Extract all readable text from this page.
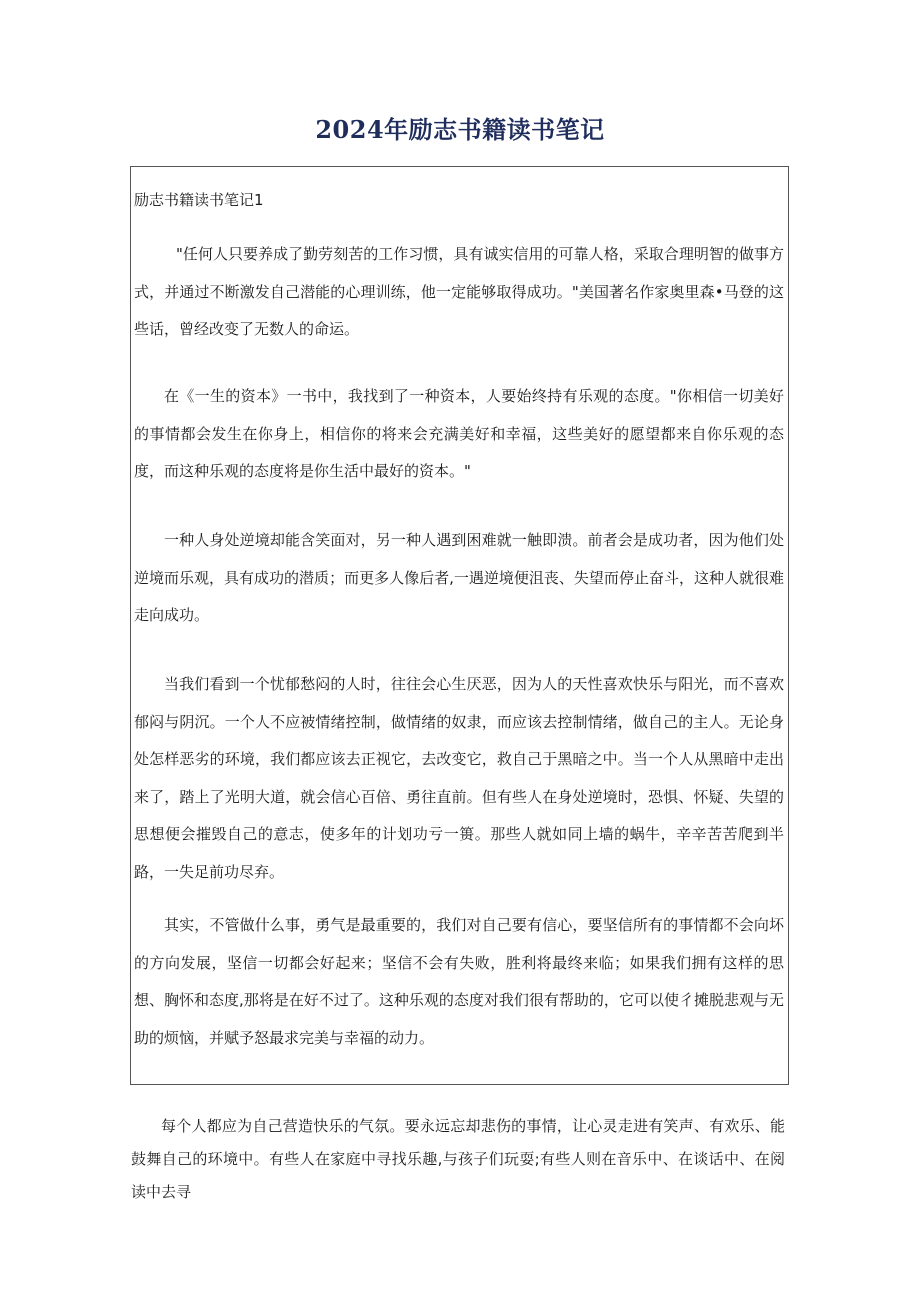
2024年励志书籍读书笔记
励志书籍读书笔记1

"任何人只要养成了勤劳刻苦的工作习惯，具有诚实信用的可靠人格，采取合理明智的做事方式，并通过不断激发自己潜能的心理训练，他一定能够取得成功。"美国著名作家奥里森•马登的这些话，曾经改变了无数人的命运。

在《一生的资本》一书中，我找到了一种资本，人要始终持有乐观的态度。"你相信一切美好的事情都会发生在你身上，相信你的将来会充满美好和幸福，这些美好的愿望都来自你乐观的态度，而这种乐观的态度将是你生活中最好的资本。"

一种人身处逆境却能含笑面对，另一种人遇到困难就一触即溃。前者会是成功者，因为他们处逆境而乐观，具有成功的潜质；而更多人像后者,一遇逆境便沮丧、失望而停止奋斗，这种人就很难走向成功。

当我们看到一个忧郁愁闷的人时，往往会心生厌恶，因为人的天性喜欢快乐与阳光，而不喜欢郁闷与阴沉。一个人不应被情绪控制，做情绪的奴隶，而应该去控制情绪，做自己的主人。无论身处怎样恶劣的环境，我们都应该去正视它，去改变它，救自己于黑暗之中。当一个人从黑暗中走出来了，踏上了光明大道，就会信心百倍、勇往直前。但有些人在身处逆境时，恐惧、怀疑、失望的思想便会摧毁自己的意志，使多年的计划功亏一篑。那些人就如同上墙的蜗牛，辛辛苦苦爬到半路，一失足前功尽弃。

其实，不管做什么事，勇气是最重要的，我们对自己要有信心，要坚信所有的事情都不会向坏的方向发展，坚信一切都会好起来；坚信不会有失败，胜利将最终来临；如果我们拥有这样的思想、胸怀和态度,那将是在好不过了。这种乐观的态度对我们很有帮助的，它可以使彳摊脱悲观与无助的烦恼，并赋予怒最求完美与幸福的动力。

每个人都应为自己营造快乐的气氛。要永远忘却悲伤的事情，让心灵走进有笑声、有欢乐、能鼓舞自己的环境中。有些人在家庭中寻找乐趣,与孩子们玩耍;有些人则在音乐中、在谈话中、在阅读中去寻
